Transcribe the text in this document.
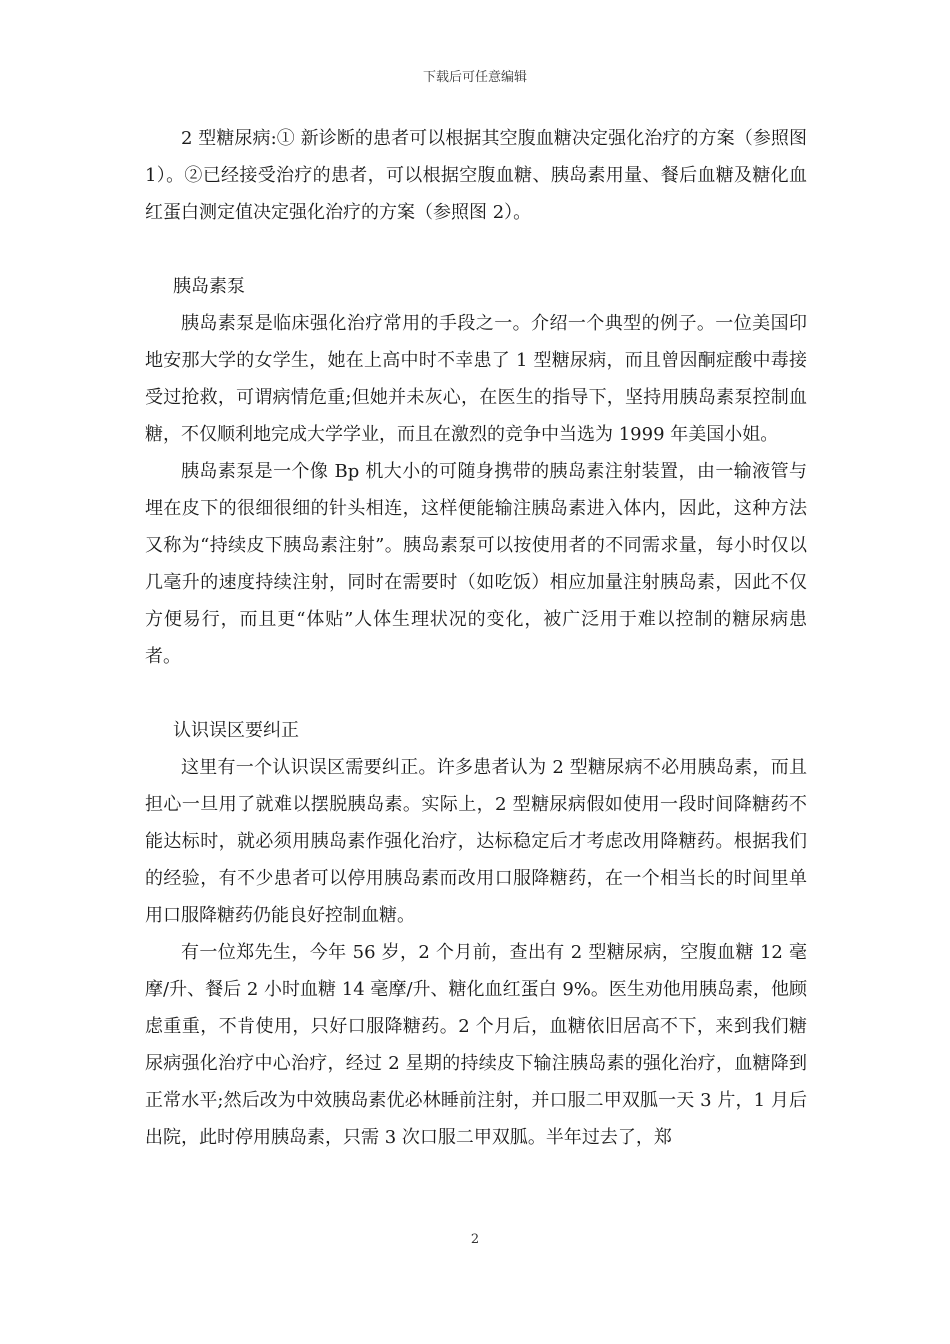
下载后可任意编辑

2 型糖尿病:① 新诊断的患者可以根据其空腹血糖决定强化治疗的方案（参照图 1）。②已经接受治疗的患者，可以根据空腹血糖、胰岛素用量、餐后血糖及糖化血红蛋白测定值决定强化治疗的方案（参照图 2）。

胰岛素泵

胰岛素泵是临床强化治疗常用的手段之一。介绍一个典型的例子。一位美国印地安那大学的女学生，她在上高中时不幸患了 1 型糖尿病，而且曾因酮症酸中毒接受过抢救，可谓病情危重;但她并未灰心，在医生的指导下，坚持用胰岛素泵控制血糖，不仅顺利地完成大学学业，而且在激烈的竞争中当选为 1999 年美国小姐。

胰岛素泵是一个像 Bp 机大小的可随身携带的胰岛素注射装置，由一输液管与埋在皮下的很细很细的针头相连，这样便能输注胰岛素进入体内，因此，这种方法又称为“持续皮下胰岛素注射”。胰岛素泵可以按使用者的不同需求量，每小时仅以几毫升的速度持续注射，同时在需要时（如吃饭）相应加量注射胰岛素，因此不仅方便易行，而且更“体贴”人体生理状况的变化，被广泛用于难以控制的糖尿病患者。

认识误区要纠正

这里有一个认识误区需要纠正。许多患者认为 2 型糖尿病不必用胰岛素，而且担心一旦用了就难以摆脱胰岛素。实际上，2 型糖尿病假如使用一段时间降糖药不能达标时，就必须用胰岛素作强化治疗，达标稳定后才考虑改用降糖药。根据我们的经验，有不少患者可以停用胰岛素而改用口服降糖药，在一个相当长的时间里单用口服降糖药仍能良好控制血糖。

有一位郑先生，今年 56 岁，2 个月前，查出有 2 型糖尿病，空腹血糖 12 毫摩/升、餐后 2 小时血糖 14 毫摩/升、糖化血红蛋白 9%。医生劝他用胰岛素，他顾虑重重，不肯使用，只好口服降糖药。2 个月后，血糖依旧居高不下，来到我们糖尿病强化治疗中心治疗，经过 2 星期的持续皮下输注胰岛素的强化治疗，血糖降到正常水平;然后改为中效胰岛素优必林睡前注射，并口服二甲双胍一天 3 片，1 月后出院，此时停用胰岛素，只需 3 次口服二甲双胍。半年过去了，郑

2
